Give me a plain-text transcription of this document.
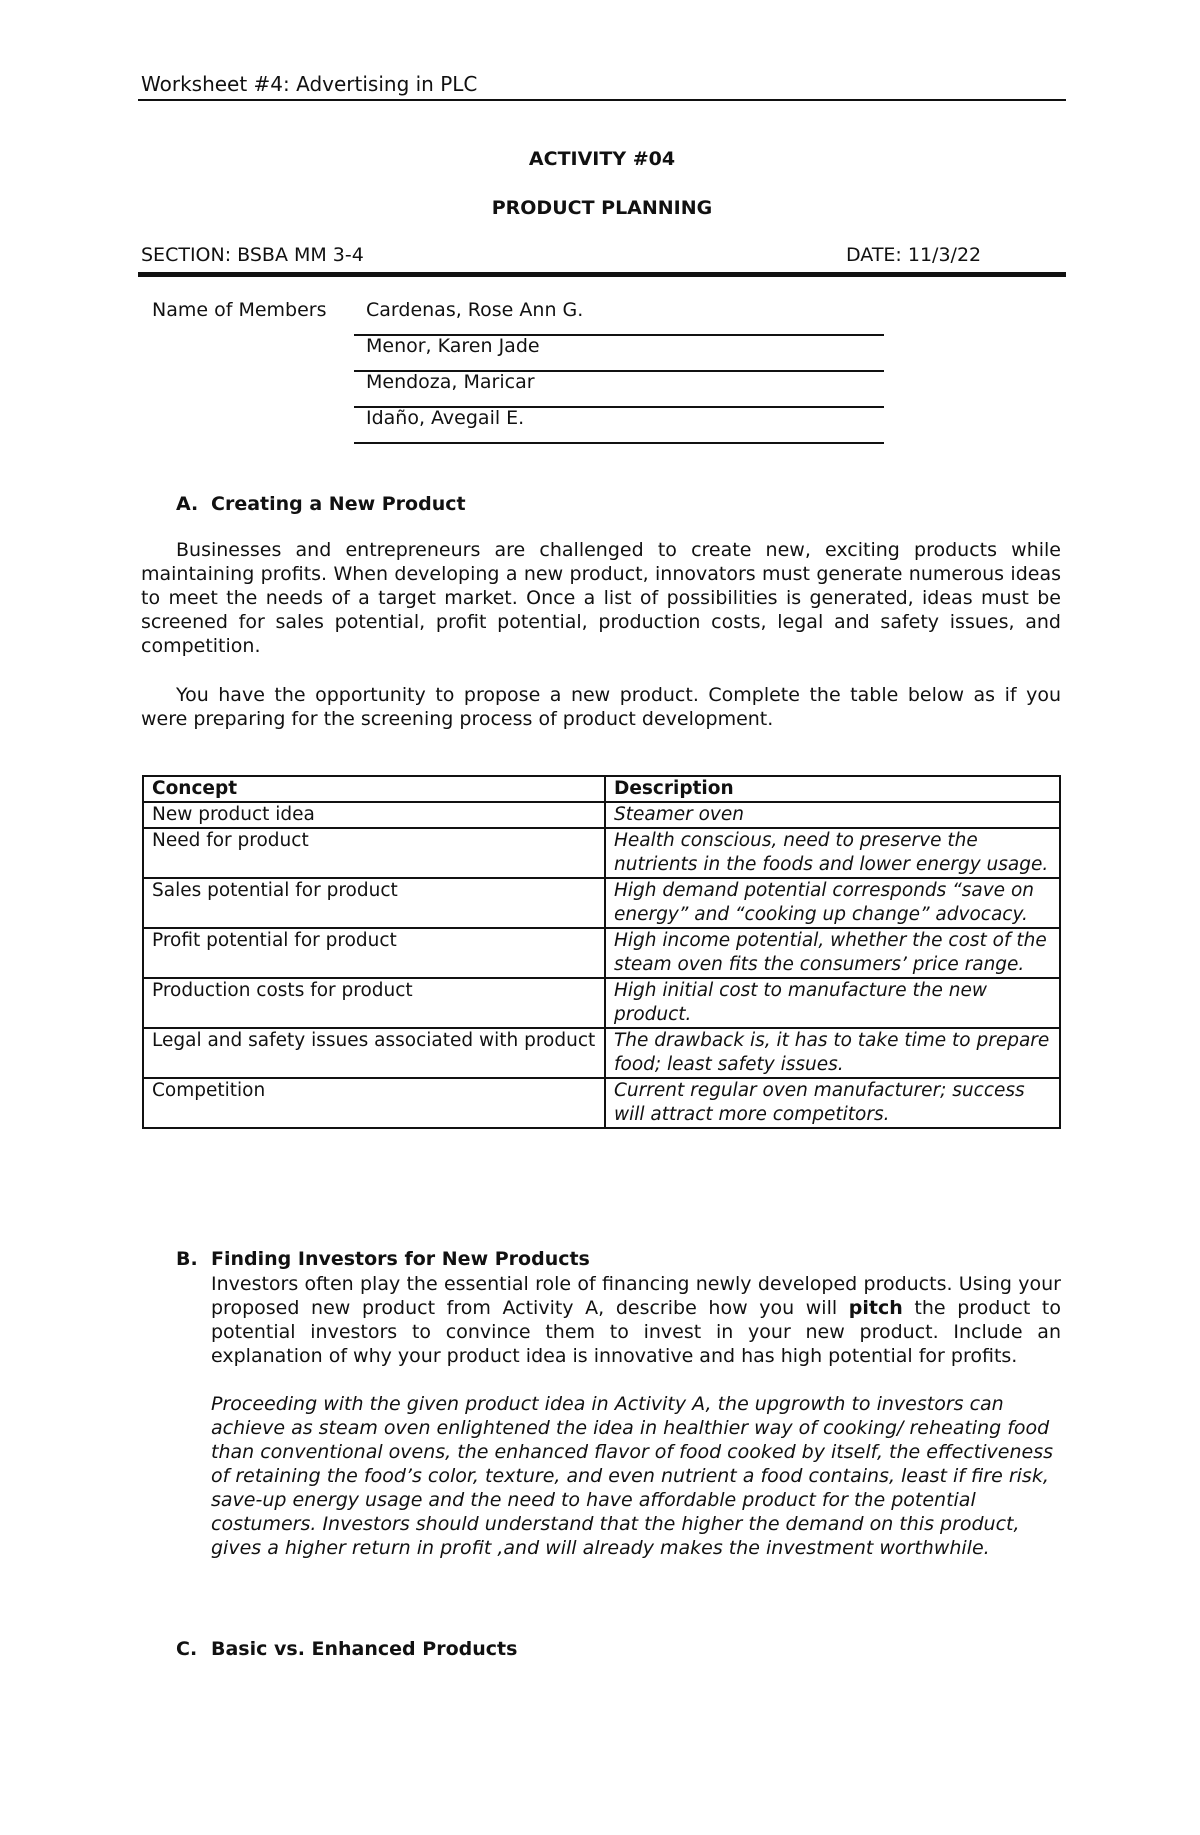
Worksheet #4: Advertising in PLC
ACTIVITY #04
PRODUCT PLANNING
SECTION: BSBA MM 3-4	DATE: 11/3/22
Name of Members Cardenas, Rose Ann G.
Menor, Karen Jade
Mendoza, Maricar
Idaño, Avegail E.
A. Creating a New Product
Businesses and entrepreneurs are challenged to create new, exciting products while maintaining profits. When developing a new product, innovators must generate numerous ideas to meet the needs of a target market. Once a list of possibilities is generated, ideas must be screened for sales potential, profit potential, production costs, legal and safety issues, and competition.
You have the opportunity to propose a new product. Complete the table below as if you were preparing for the screening process of product development.
Concept	Description
New product idea	Steamer oven
Need for product	Health conscious, need to preserve the nutrients in the foods and lower energy usage.
Sales potential for product	High demand potential corresponds “save on energy” and “cooking up change” advocacy.
Profit potential for product	High income potential, whether the cost of the steam oven fits the consumers’ price range.
Production costs for product	High initial cost to manufacture the new product.
Legal and safety issues associated with product	The drawback is, it has to take time to prepare food; least safety issues.
Competition	Current regular oven manufacturer; success will attract more competitors.
B. Finding Investors for New Products
Investors often play the essential role of financing newly developed products. Using your proposed new product from Activity A, describe how you will pitch the product to potential investors to convince them to invest in your new product. Include an explanation of why your product idea is innovative and has high potential for profits.
Proceeding with the given product idea in Activity A, the upgrowth to investors can achieve as steam oven enlightened the idea in healthier way of cooking/ reheating food than conventional ovens, the enhanced flavor of food cooked by itself, the effectiveness of retaining the food’s color, texture, and even nutrient a food contains, least if fire risk, save-up energy usage and the need to have affordable product for the potential costumers. Investors should understand that the higher the demand on this product, gives a higher return in profit ,and will already makes the investment worthwhile.
C. Basic vs. Enhanced Products
